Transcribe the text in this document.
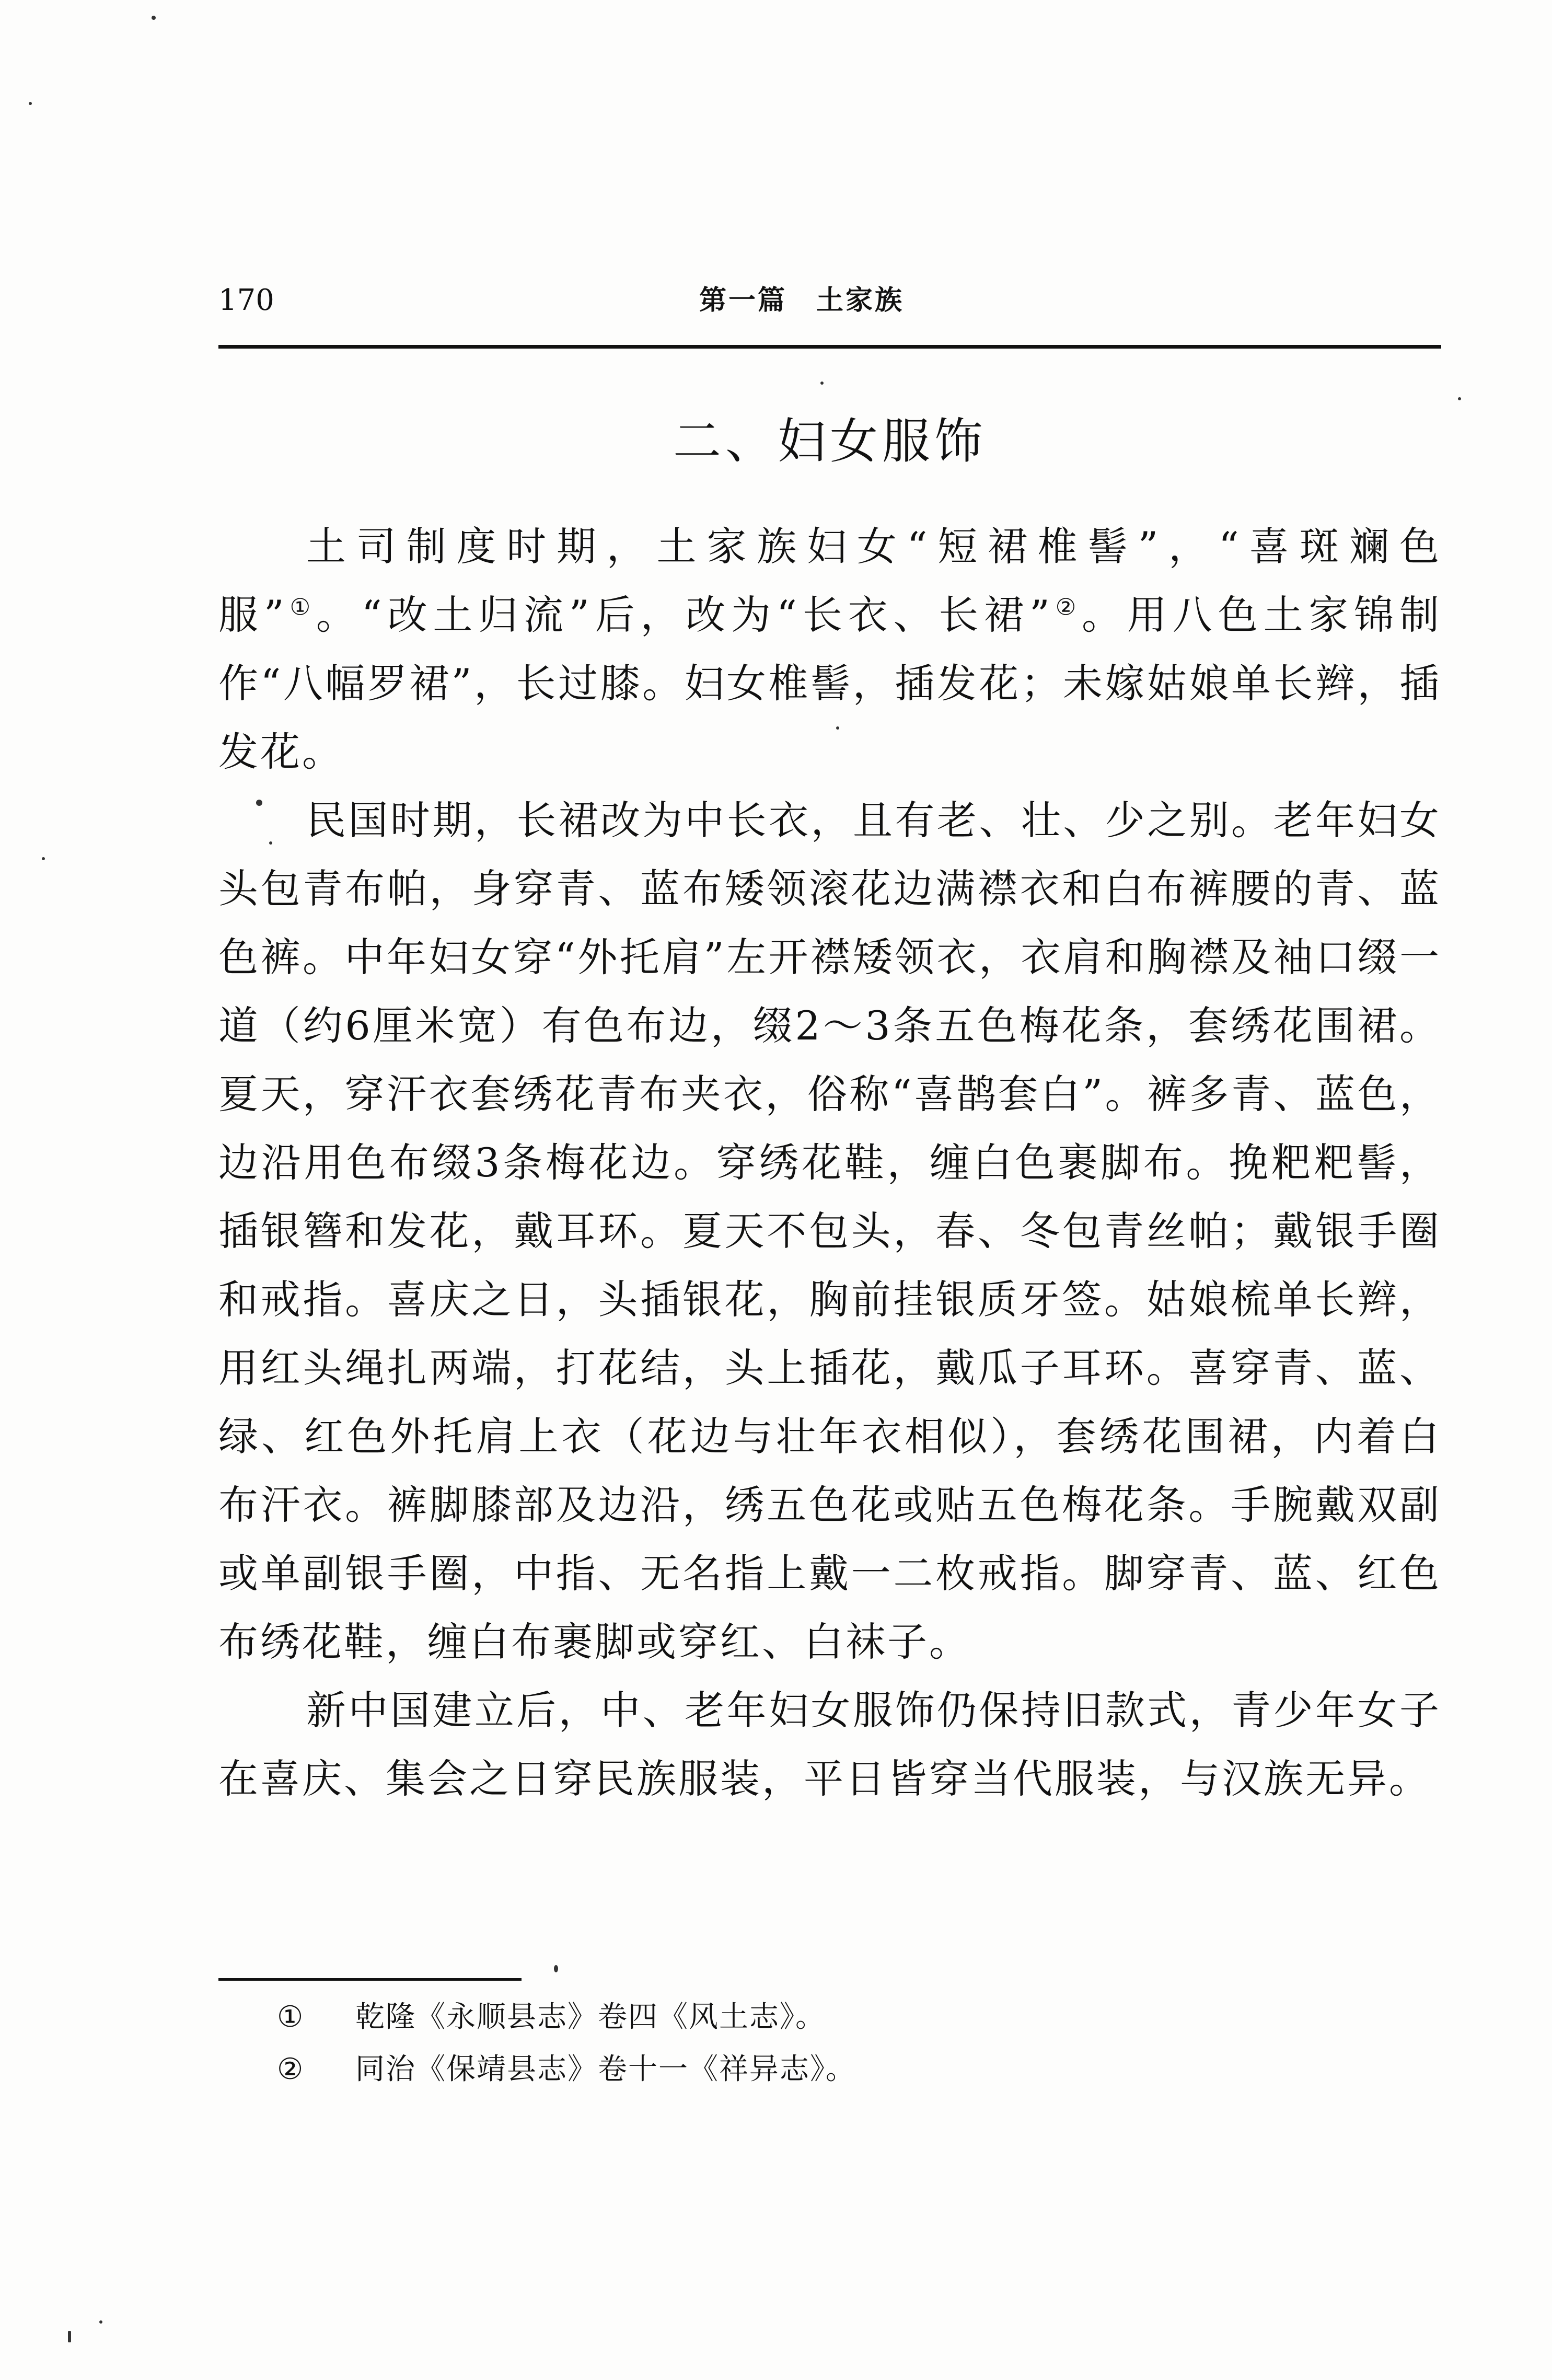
170	第一篇　土家族
二、妇女服饰

土司制度时期，土家族妇女“短裙椎髻”，“喜斑斓色服”①。“改土归流”后，改为“长衣、长裙”②。用八色土家锦制作“八幅罗裙”，长过膝。妇女椎髻，插发花；未嫁姑娘单长辫，插发花。

民国时期，长裙改为中长衣，且有老、壮、少之别。老年妇女头包青布帕，身穿青、蓝布矮领滚花边满襟衣和白布裤腰的青、蓝色裤。中年妇女穿“外托肩”左开襟矮领衣，衣肩和胸襟及袖口缀一道（约6厘米宽）有色布边，缀2～3条五色梅花条，套绣花围裙。夏天，穿汗衣套绣花青布夹衣，俗称“喜鹊套白”。裤多青、蓝色，边沿用色布缀3条梅花边。穿绣花鞋，缠白色裹脚布。挽粑粑髻，插银簪和发花，戴耳环。夏天不包头，春、冬包青丝帕；戴银手圈和戒指。喜庆之日，头插银花，胸前挂银质牙签。姑娘梳单长辫，用红头绳扎两端，打花结，头上插花，戴瓜子耳环。喜穿青、蓝、绿、红色外托肩上衣（花边与壮年衣相似），套绣花围裙，内着白布汗衣。裤脚膝部及边沿，绣五色花或贴五色梅花条。手腕戴双副或单副银手圈，中指、无名指上戴一二枚戒指。脚穿青、蓝、红色布绣花鞋，缠白布裹脚或穿红、白袜子。

新中国建立后，中、老年妇女服饰仍保持旧款式，青少年女子在喜庆、集会之日穿民族服装，平日皆穿当代服装，与汉族无异。

① 乾隆《永顺县志》卷四《风土志》。
② 同治《保靖县志》卷十一《祥异志》。
